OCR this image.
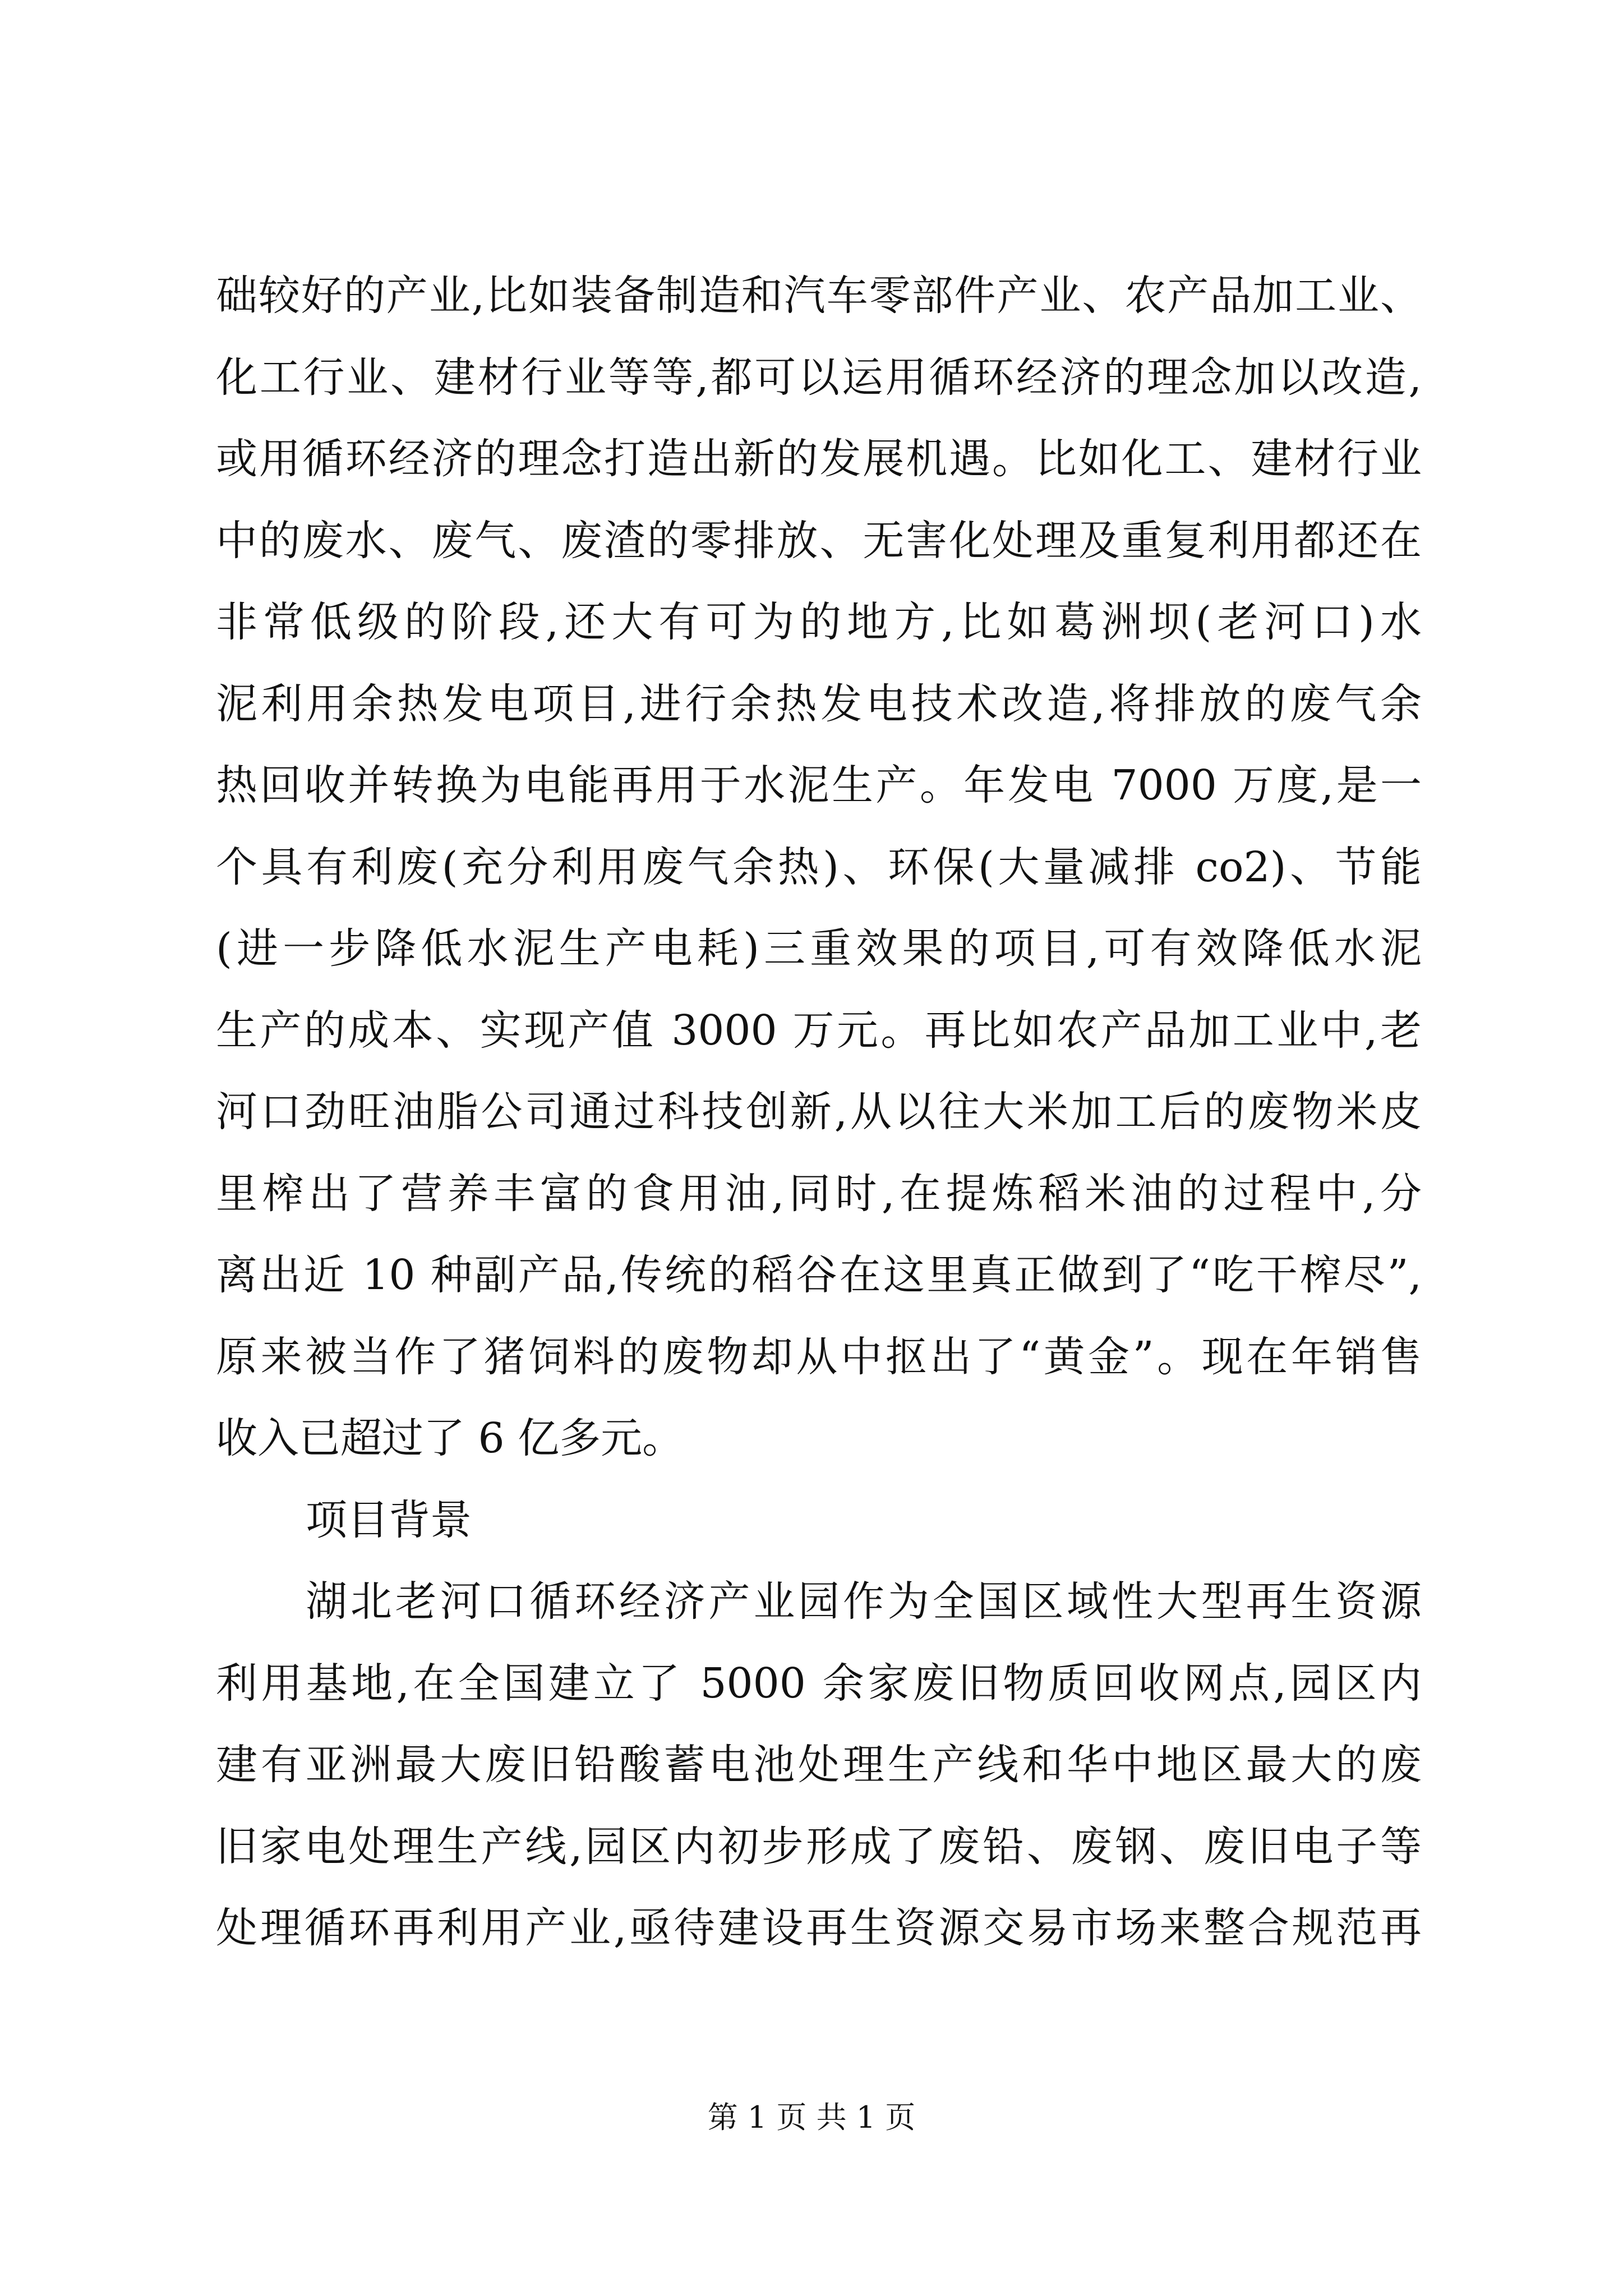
础较好的产业,比如装备制造和汽车零部件产业、农产品加工业、
化工行业、建材行业等等,都可以运用循环经济的理念加以改造,
或用循环经济的理念打造出新的发展机遇。比如化工、建材行业
中的废水、废气、废渣的零排放、无害化处理及重复利用都还在
非常低级的阶段,还大有可为的地方,比如葛洲坝(老河口)水
泥利用余热发电项目,进行余热发电技术改造,将排放的废气余
热回收并转换为电能再用于水泥生产。年发电 7000 万度,是一
个具有利废(充分利用废气余热)、环保(大量减排 co2)、节能
(进一步降低水泥生产电耗)三重效果的项目,可有效降低水泥
生产的成本、实现产值 3000 万元。再比如农产品加工业中,老
河口劲旺油脂公司通过科技创新,从以往大米加工后的废物米皮
里榨出了营养丰富的食用油,同时,在提炼稻米油的过程中,分
离出近 10 种副产品,传统的稻谷在这里真正做到了“吃干榨尽”,
原来被当作了猪饲料的废物却从中抠出了“黄金”。现在年销售
收入已超过了 6 亿多元。
项目背景
湖北老河口循环经济产业园作为全国区域性大型再生资源
利用基地,在全国建立了 5000 余家废旧物质回收网点,园区内
建有亚洲最大废旧铅酸蓄电池处理生产线和华中地区最大的废
旧家电处理生产线,园区内初步形成了废铅、废钢、废旧电子等
处理循环再利用产业,亟待建设再生资源交易市场来整合规范再
第 1 页 共 1 页
